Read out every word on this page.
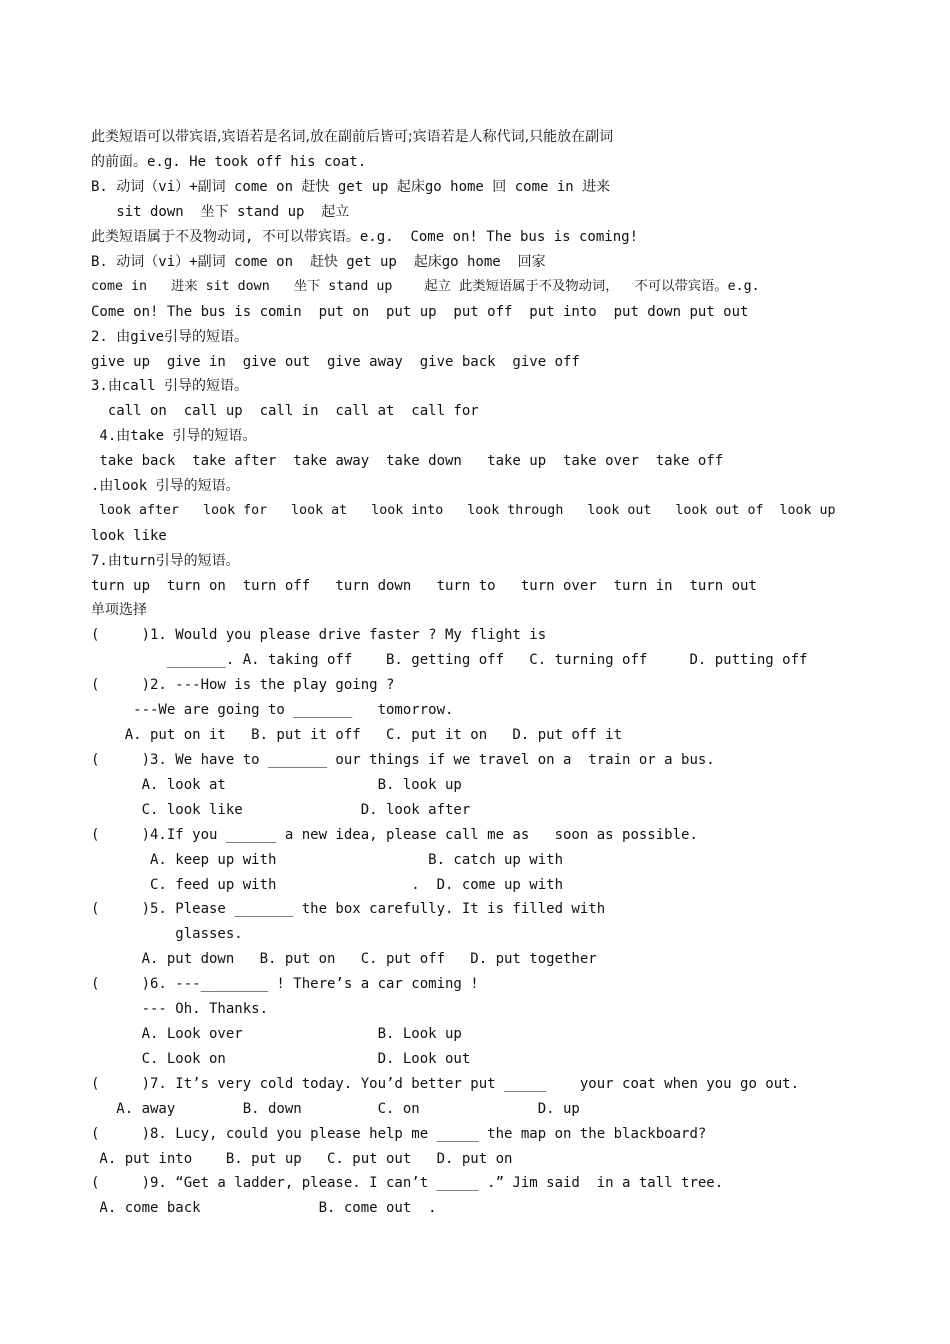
此类短语可以带宾语,宾语若是名词,放在副前后皆可;宾语若是人称代词,只能放在副词
的前面。e.g. He took off his coat.
B. 动词（vi）+副词 come on 赶快 get up 起床go home 回 come in 进来
sit down  坐下 stand up  起立
此类短语属于不及物动词, 不可以带宾语。e.g.  Come on! The bus is coming!
B. 动词（vi）+副词 come on  赶快 get up  起床go home  回家
come in   进来 sit down   坐下 stand up    起立 此类短语属于不及物动词，  不可以带宾语。e.g.
Come on! The bus is comin  put on  put up  put off  put into  put down put out
2. 由give引导的短语。
give up  give in  give out  give away  give back  give off
3.由call 引导的短语。
call on  call up  call in  call at  call for
4.由take 引导的短语。
take back  take after  take away  take down   take up  take over  take off
.由look 引导的短语。
look after   look for   look at   look into   look through   look out   look out of  look up
look like
7.由turn引导的短语。
turn up  turn on  turn off   turn down   turn to   turn over  turn in  turn out
单项选择
(     )1. Would you please drive faster ? My flight is
_______. A. taking off    B. getting off   C. turning off     D. putting off
(     )2. ---How is the play going ?
---We are going to _______   tomorrow.
A. put on it   B. put it off   C. put it on   D. put off it
(     )3. We have to _______ our things if we travel on a  train or a bus.
A. look at                  B. look up
C. look like              D. look after
(     )4.If you ______ a new idea, please call me as   soon as possible.
A. keep up with                  B. catch up with
C. feed up with                .  D. come up with
(     )5. Please _______ the box carefully. It is filled with
glasses.
A. put down   B. put on   C. put off   D. put together
(     )6. ---________ ! There’s a car coming !
--- Oh. Thanks.
A. Look over                B. Look up
C. Look on                  D. Look out
(     )7. It’s very cold today. You’d better put _____    your coat when you go out.
A. away        B. down         C. on              D. up
(     )8. Lucy, could you please help me _____ the map on the blackboard?
A. put into    B. put up   C. put out   D. put on
(     )9. “Get a ladder, please. I can’t _____ .” Jim said  in a tall tree.
A. come back              B. come out  .
